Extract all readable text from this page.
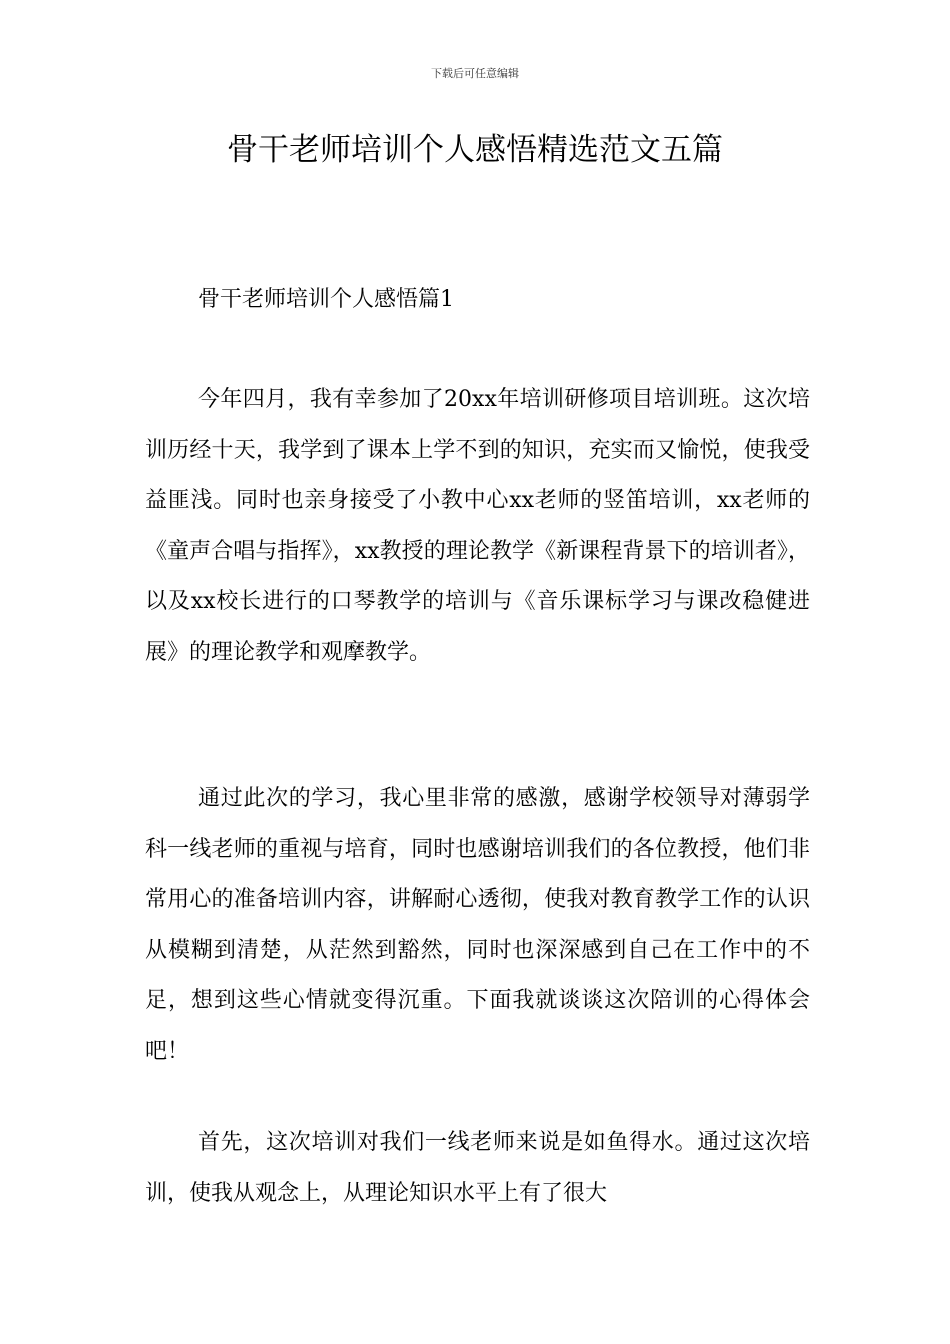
下载后可任意编辑
骨干老师培训个人感悟精选范文五篇
骨干老师培训个人感悟篇1

今年四月，我有幸参加了20xx年培训研修项目培训班。这次培训历经十天，我学到了课本上学不到的知识，充实而又愉悦，使我受益匪浅。同时也亲身接受了小教中心xx老师的竖笛培训，xx老师的《童声合唱与指挥》，xx教授的理论教学《新课程背景下的培训者》，以及xx校长进行的口琴教学的培训与《音乐课标学习与课改稳健进展》的理论教学和观摩教学。

通过此次的学习，我心里非常的感激，感谢学校领导对薄弱学科一线老师的重视与培育，同时也感谢培训我们的各位教授，他们非常用心的准备培训内容，讲解耐心透彻，使我对教育教学工作的认识从模糊到清楚，从茫然到豁然，同时也深深感到自己在工作中的不足，想到这些心情就变得沉重。下面我就谈谈这次陪训的心得体会吧！

首先，这次培训对我们一线老师来说是如鱼得水。通过这次培训，使我从观念上，从理论知识水平上有了很大
